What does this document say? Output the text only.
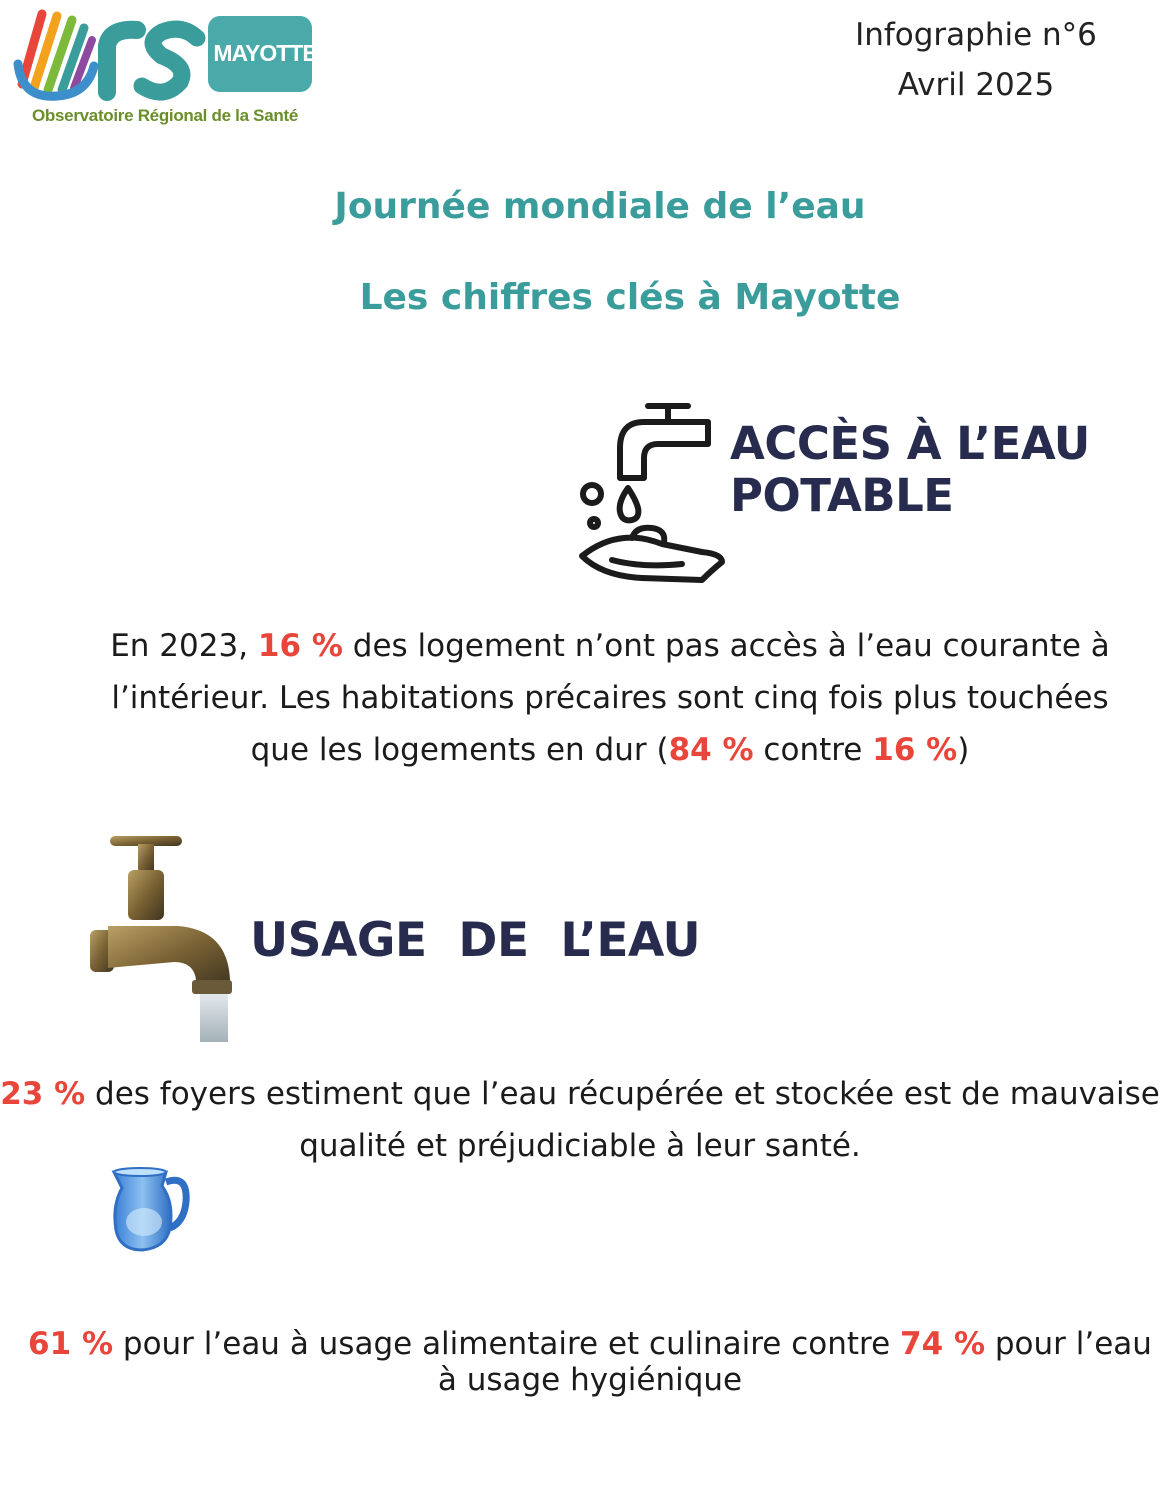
MAYOTTE
Observatoire Régional de la Santé
Infographie n°6
Avril 2025
Journée mondiale de l’eau
Les chiffres clés à Mayotte
ACCÈS À L’EAU
POTABLE
En 2023, 16 % des logement n’ont pas accès à l’eau courante à l’intérieur. Les habitations précaires sont cinq fois plus touchées que les logements en dur (84 % contre 16 %)
USAGE DE L’EAU
23 % des foyers estiment que l’eau récupérée et stockée est de mauvaise qualité et préjudiciable à leur santé.
61 % pour l’eau à usage alimentaire et culinaire contre 74 % pour l’eau à usage hygiénique
